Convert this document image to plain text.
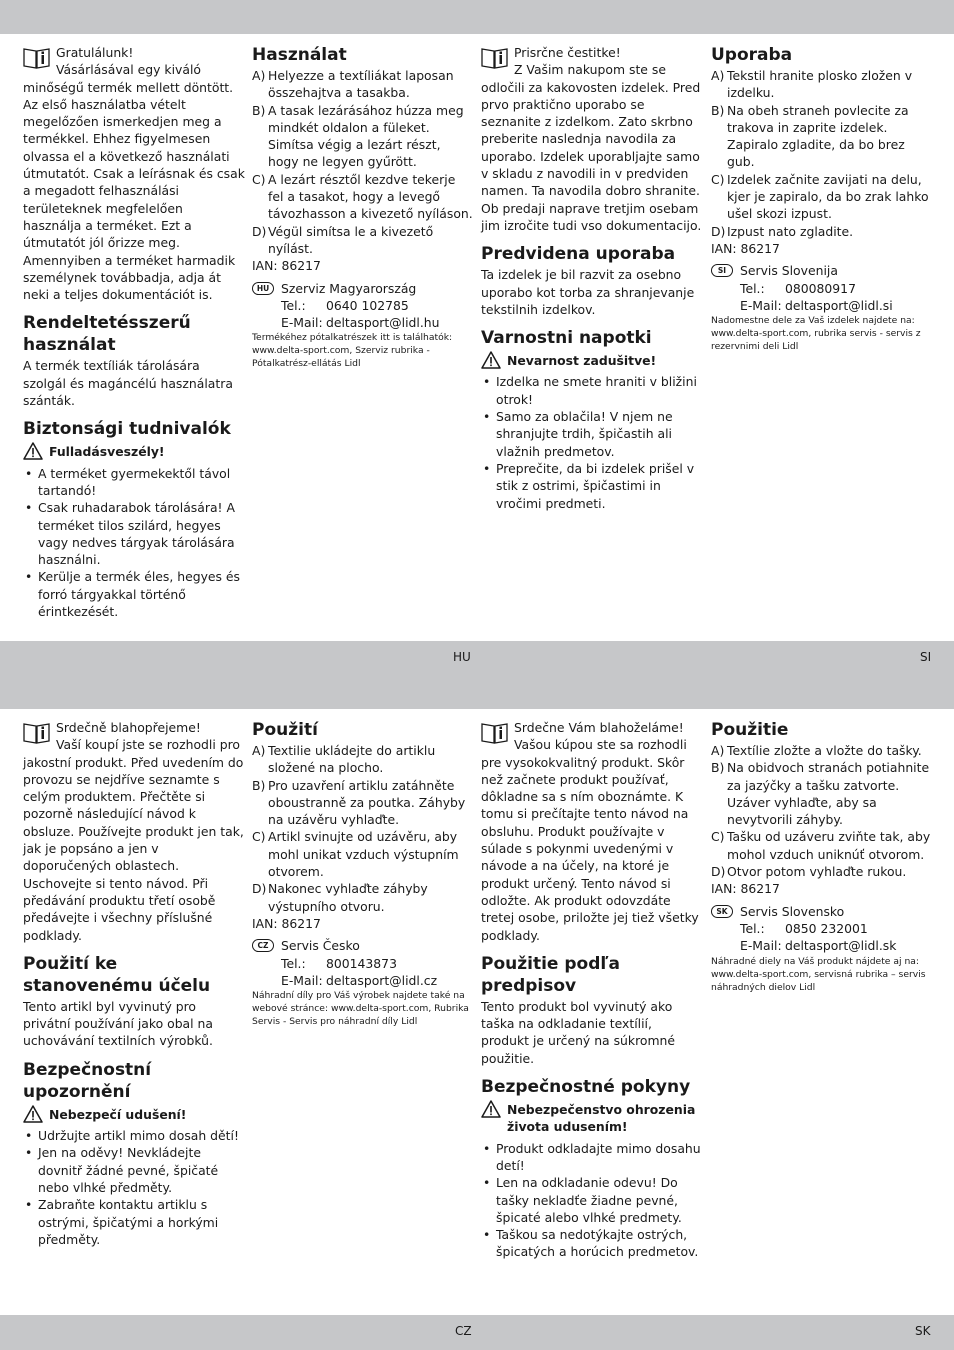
HU	SI
CZ	SK

Gratulálunk!

Vásárlásával egy kiváló minőségű termék mellett döntött. Az első használatba vételt megelőzően ismerkedjen meg a termékkel. Ehhez figyelmesen olvassa el a következő használati útmutatót. Csak a leírásnak és csak a megadott felhasználási területeknek megfelelően használja a terméket. Ezt a útmutatót jól őrizze meg. Amennyiben a terméket harmadik személynek továbbadja, adja át neki a teljes dokumentációt is.

Rendeltetésszerű használat

A termék textíliák tárolására szolgál és magáncélú használatra szánták.

Biztonsági tudnivalók
Fulladásveszély!
• A terméket gyermekektől távol tartandó!
• Csak ruhadarabok tárolására! A terméket tilos szilárd, hegyes vagy nedves tárgyak tárolására használni.
• Kerülje a termék éles, hegyes és forró tárgyakkal történő érintkezését.
Használat
A) Helyezze a textíliákat laposan összehajtva a tasakba.
B) A tasak lezárásához húzza meg mindkét oldalon a füleket. Simítsa végig a lezárt részt, hogy ne legyen gyűrött.
C) A lezárt résztől kezdve tekerje fel a tasakot, hogy a levegő távozhasson a kivezető nyíláson.
D) Végül simítsa le a kivezető nyílást.

IAN: 86217

HU Szerviz Magyarország
Tel.:	0640 102785
E-Mail: deltasport@lidl.hu

Termékéhez pótalkatrészek itt is találhatók: www.delta-sport.com, Szerviz rubrika - Pótalkatrész-ellátás Lidl

Prisrčne čestitke!

Z Vašim nakupom ste se odločili za kakovosten izdelek. Pred prvo praktično uporabo se seznanite z izdelkom. Zato skrbno preberite naslednja navodila za uporabo. Izdelek uporabljajte samo v skladu z navodili in v predviden namen. Ta navodila dobro shranite. Ob predaji naprave tretjim osebam jim izročite tudi vso dokumentacijo.

Predvidena uporaba

Ta izdelek je bil razvit za osebno uporabo kot torba za shranjevanje tekstilnih izdelkov.

Varnostni napotki
Nevarnost zadušitve!
• Izdelka ne smete hraniti v bližini otrok!
• Samo za oblačila! V njem ne shranjujte trdih, špičastih ali vlažnih predmetov.
• Preprečite, da bi izdelek prišel v stik z ostrimi, špičastimi in vročimi predmeti.
Uporaba
A) Tekstil hranite plosko zložen v izdelku.
B) Na obeh straneh povlecite za trakova in zaprite izdelek. Zapiralo zgladite, da bo brez gub.
C) Izdelek začnite zavijati na delu, kjer je zapiralo, da bo zrak lahko ušel skozi izpust.
D) Izpust nato zgladite.

IAN: 86217

SI	Servis Slovenija
Tel.:	080080917
E-Mail: deltasport@lidl.si

Nadomestne dele za Vaš izdelek najdete na: www.delta-sport.com, rubrika servis - servis z rezervnimi deli Lidl

Srdečně blahopřejeme!

Vaší koupí jste se rozhodli pro jakostní produkt. Před uvedením do provozu se nejdříve seznamte s celým produktem. Přečtěte si pozorně následující návod k obsluze. Používejte produkt jen tak, jak je popsáno a jen v doporučených oblastech. Uschovejte si tento návod. Při předávání produktu třetí osobě předávejte i všechny příslušné podklady.

Použití ke stanovenému účelu

Tento artikl byl vyvinutý pro privátní používání jako obal na uchovávání textilních výrobků.

Bezpečnostní upozornění
Nebezpečí udušení!
• Udržujte artikl mimo dosah dětí!
• Jen na oděvy! Nevkládejte dovnitř žádné pevné, špičaté nebo vlhké předměty.
• Zabraňte kontaktu artiklu s ostrými, špičatými a horkými předměty.
Použití
A) Textilie ukládejte do artiklu složené na plocho.
B) Pro uzavření artiklu zatáhněte oboustranně za poutka. Záhyby na uzávěru vyhlaďte.
C) Artikl svinujte od uzávěru, aby mohl unikat vzduch výstupním otvorem.
D) Nakonec vyhlaďte záhyby výstupního otvoru.

IAN: 86217

CZ	Servis Česko
Tel.:	800143873
E-Mail: deltasport@lidl.cz

Náhradní díly pro Váš výrobek najdete také na webové stránce: www.delta-sport.com, Rubrika Servis - Servis pro náhradní díly Lidl

Srdečne Vám blahoželáme!

Vašou kúpou ste sa rozhodli pre vysokokvalitný produkt. Skôr než začnete produkt používať, dôkladne sa s ním oboznámte. K tomu si prečítajte tento návod na obsluhu. Produkt používajte v súlade s pokynmi uvedenými v návode a na účely, na ktoré je produkt určený. Tento návod si odložte. Ak produkt odovzdáte tretej osobe, priložte jej tiež všetky podklady.

Použitie podľa predpisov

Tento produkt bol vyvinutý ako taška na odkladanie textílií, produkt je určený na súkromné použitie.

Bezpečnostné pokyny
Nebezpečenstvo ohrozenia života udusením!
• Produkt odkladajte mimo dosahu detí!
• Len na odkladanie odevu! Do tašky nekladťe žiadne pevné, špicaté alebo vlhké predmety.
• Taškou sa nedotýkajte ostrých, špicatých a horúcich predmetov.
Použitie
A) Textílie zložte a vložte do tašky.
B) Na obidvoch stranách potiahnite za jazýčky a tašku zatvorte. Uzáver vyhlaďte, aby sa nevytvorili záhyby.
C) Tašku od uzáveru zviňte tak, aby mohol vzduch uniknúť otvorom.
D) Otvor potom vyhlaďte rukou.

IAN: 86217

SK Servis Slovensko
Tel.:	0850 232001
E-Mail: deltasport@lidl.sk

Náhradné diely na Váš produkt nájdete aj na: www.delta-sport.com, servisná rubrika – servis náhradných dielov Lidl
